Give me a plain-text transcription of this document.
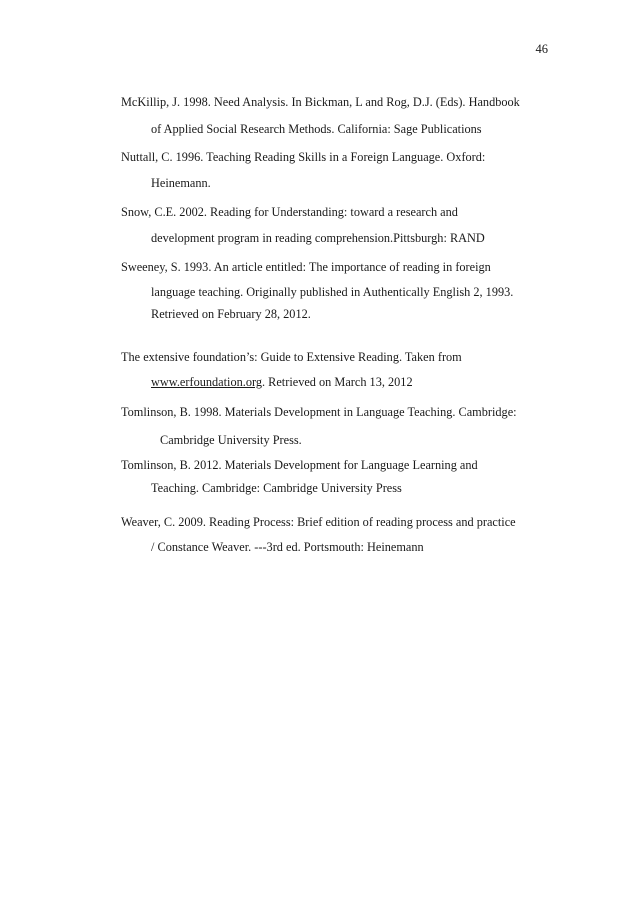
46
McKillip, J. 1998. Need Analysis. In Bickman, L and Rog, D.J. (Eds). Handbook
of Applied Social Research Methods. California: Sage Publications
Nuttall, C. 1996. Teaching Reading Skills in a Foreign Language. Oxford:
Heinemann.
Snow, C.E. 2002. Reading for Understanding: toward a research and
development program in reading comprehension.Pittsburgh: RAND
Sweeney, S. 1993. An article entitled: The importance of reading in foreign
language teaching. Originally published in Authentically English 2, 1993.
Retrieved on February 28, 2012.
The extensive foundation’s: Guide to Extensive Reading. Taken from
www.erfoundation.org. Retrieved on March 13, 2012
Tomlinson, B. 1998. Materials Development in Language Teaching. Cambridge:
Cambridge University Press.
Tomlinson, B. 2012. Materials Development for Language Learning and
Teaching. Cambridge: Cambridge University Press
Weaver, C. 2009. Reading Process: Brief edition of reading process and practice
/ Constance Weaver. ---3rd ed. Portsmouth: Heinemann
